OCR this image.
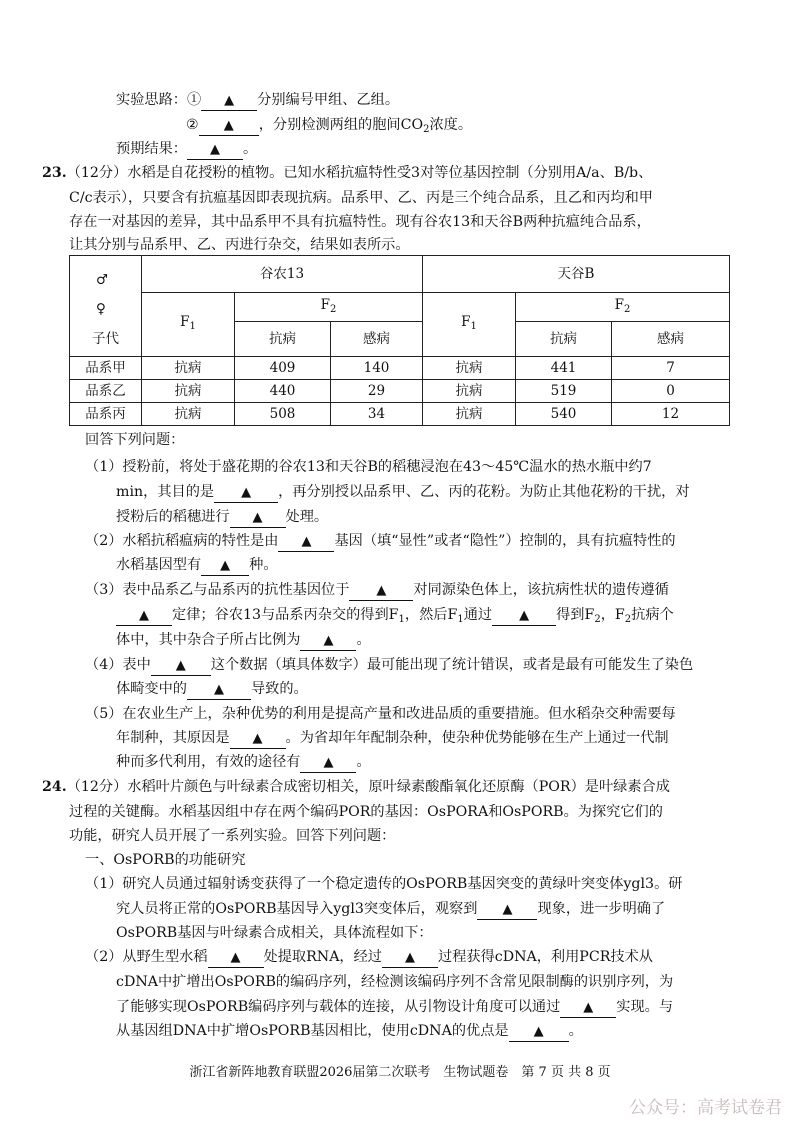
实验思路：① ▲ 分别编号甲组、乙组。
② ▲ ，分别检测两组的胞间$CO_2$浓度。
预期结果： ▲ 。
23.（12分）水稻是自花授粉的植物。已知水稻抗瘟特性受3对等位基因控制（分别用A/a、B/b、
C/c表示），只要含有抗瘟基因即表现抗病。品系甲、乙、丙是三个纯合品系，且乙和丙均和甲
存在一对基因的差异，其中品系甲不具有抗瘟特性。现有谷农13和天谷B两种抗瘟纯合品系，
让其分别与品系甲、乙、丙进行杂交，结果如表所示。
♂
♀
子代	谷农13			天谷B		
	$F_1$	$F_2$		$F_1$	$F_2$
		抗病	感病		抗病	感病
品系甲	抗病	409	140	抗病	441	7
品系乙	抗病	440	29	抗病	519	0
品系丙	抗病	508	34	抗病	540	12
回答下列问题：
（1）授粉前，将处于盛花期的谷农13和天谷B的稻穗浸泡在43～45℃温水的热水瓶中约7
min，其目的是 ▲ ，再分别授以品系甲、乙、丙的花粉。为防止其他花粉的干扰，对
授粉后的稻穗进行 ▲ 处理。
（2）水稻抗稻瘟病的特性是由 ▲ 基因（填“显性”或者“隐性”）控制的，具有抗瘟特性的
水稻基因型有 ▲ 种。
（3）表中品系乙与品系丙的抗性基因位于 ▲ 对同源染色体上，该抗病性状的遗传遵循
▲ 定律；谷农13与品系丙杂交的得到$F_1$，然后$F_1$通过 ▲ 得到$F_2$，$F_2$抗病个
体中，其中杂合子所占比例为 ▲ 。
（4）表中 ▲ 这个数据（填具体数字）最可能出现了统计错误，或者是最有可能发生了染色
体畸变中的 ▲ 导致的。
（5）在农业生产上，杂种优势的利用是提高产量和改进品质的重要措施。但水稻杂交种需要每
年制种，其原因是 ▲ 。为省却年年配制杂种，使杂种优势能够在生产上通过一代制
种而多代利用，有效的途径有 ▲ 。
24.（12分）水稻叶片颜色与叶绿素合成密切相关，原叶绿素酸酯氧化还原酶（POR）是叶绿素合成
过程的关键酶。水稻基因组中存在两个编码POR的基因：OsPORA和OsPORB。为探究它们的
功能，研究人员开展了一系列实验。回答下列问题：
一、OsPORB的功能研究
（1）研究人员通过辐射诱变获得了一个稳定遗传的OsPORB基因突变的黄绿叶突变体ygl3。研
究人员将正常的OsPORB基因导入ygl3突变体后，观察到 ▲ 现象，进一步明确了
OsPORB基因与叶绿素合成相关，具体流程如下：
（2）从野生型水稻 ▲ 处提取RNA，经过 ▲ 过程获得cDNA，利用PCR技术从
cDNA中扩增出OsPORB的编码序列，经检测该编码序列不含常见限制酶的识别序列，为
了能够实现OsPORB编码序列与载体的连接，从引物设计角度可以通过 ▲ 实现。与
从基因组DNA中扩增OsPORB基因相比，使用cDNA的优点是 ▲ 。
浙江省新阵地教育联盟2026届第二次联考　生物试题卷　第 7 页 共 8 页
公众号：高考试卷君
